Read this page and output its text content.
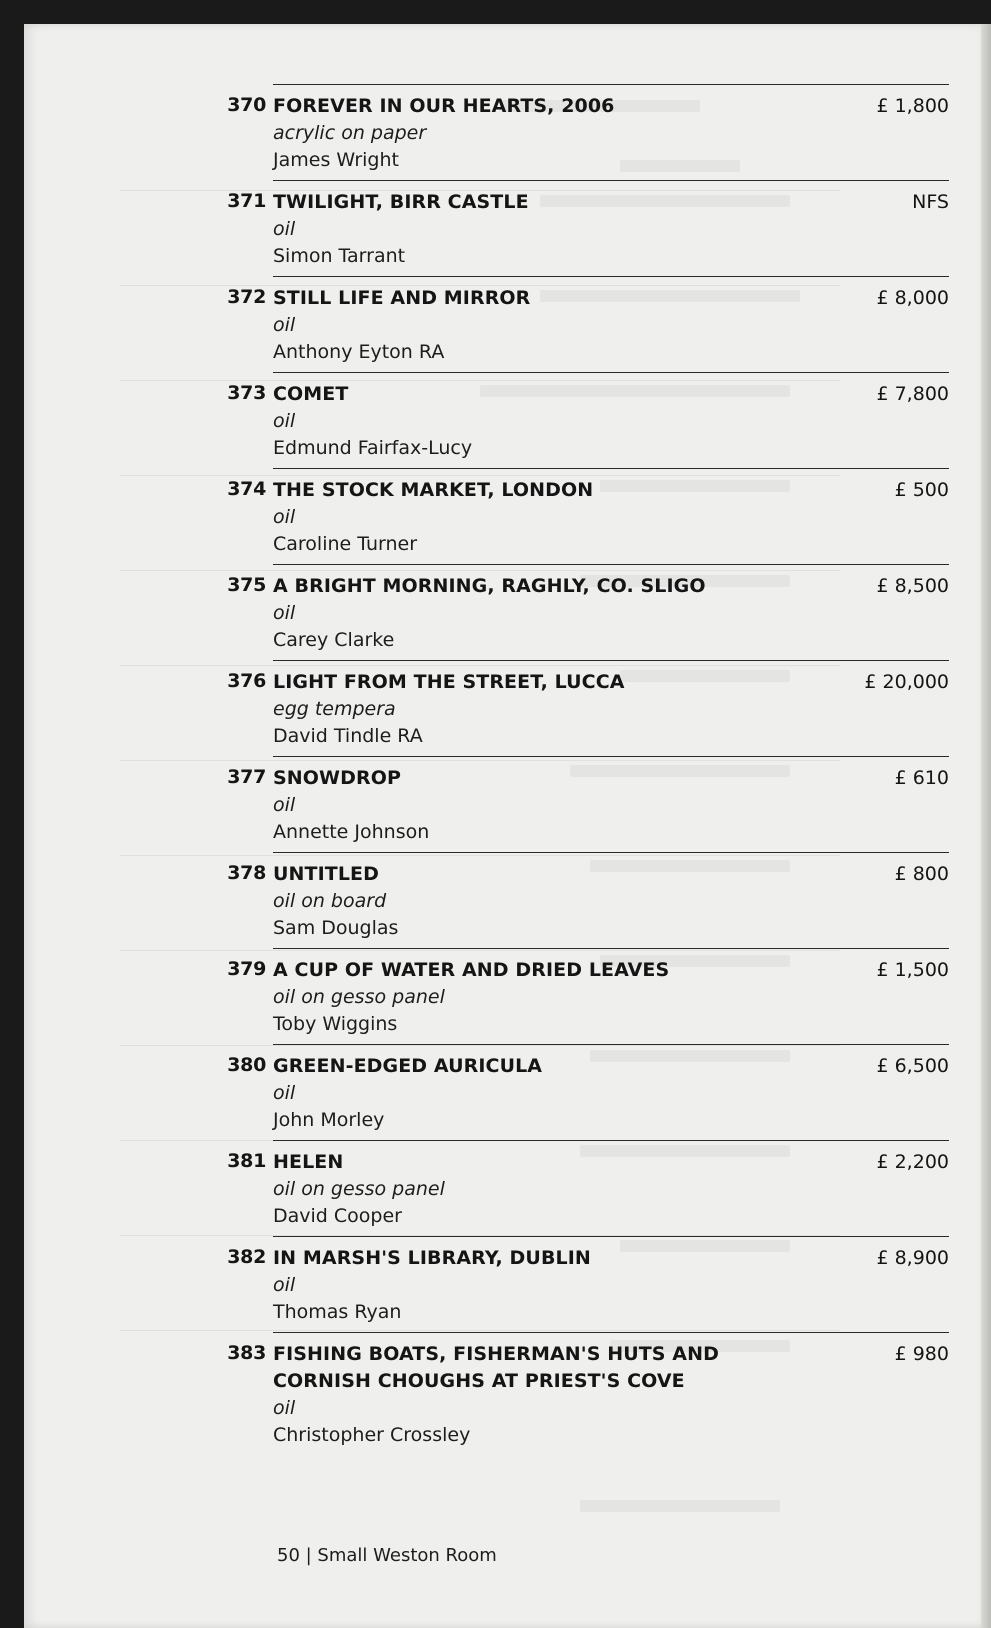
370 FOREVER IN OUR HEARTS, 2006
acrylic on paper
James Wright
£ 1,800
371 TWILIGHT, BIRR CASTLE
oil
Simon Tarrant
NFS
372 STILL LIFE AND MIRROR
oil
Anthony Eyton RA
£ 8,000
373 COMET
oil
Edmund Fairfax-Lucy
£ 7,800
374 THE STOCK MARKET, LONDON
oil
Caroline Turner
£ 500
375 A BRIGHT MORNING, RAGHLY, CO. SLIGO
oil
Carey Clarke
£ 8,500
376 LIGHT FROM THE STREET, LUCCA
egg tempera
David Tindle RA
£ 20,000
377 SNOWDROP
oil
Annette Johnson
£ 610
378 UNTITLED
oil on board
Sam Douglas
£ 800
379 A CUP OF WATER AND DRIED LEAVES
oil on gesso panel
Toby Wiggins
£ 1,500
380 GREEN-EDGED AURICULA
oil
John Morley
£ 6,500
381 HELEN
oil on gesso panel
David Cooper
£ 2,200
382 IN MARSH'S LIBRARY, DUBLIN
oil
Thomas Ryan
£ 8,900
383 FISHING BOATS, FISHERMAN'S HUTS AND CORNISH CHOUGHS AT PRIEST'S COVE
oil
Christopher Crossley
£ 980
50 | Small Weston Room
